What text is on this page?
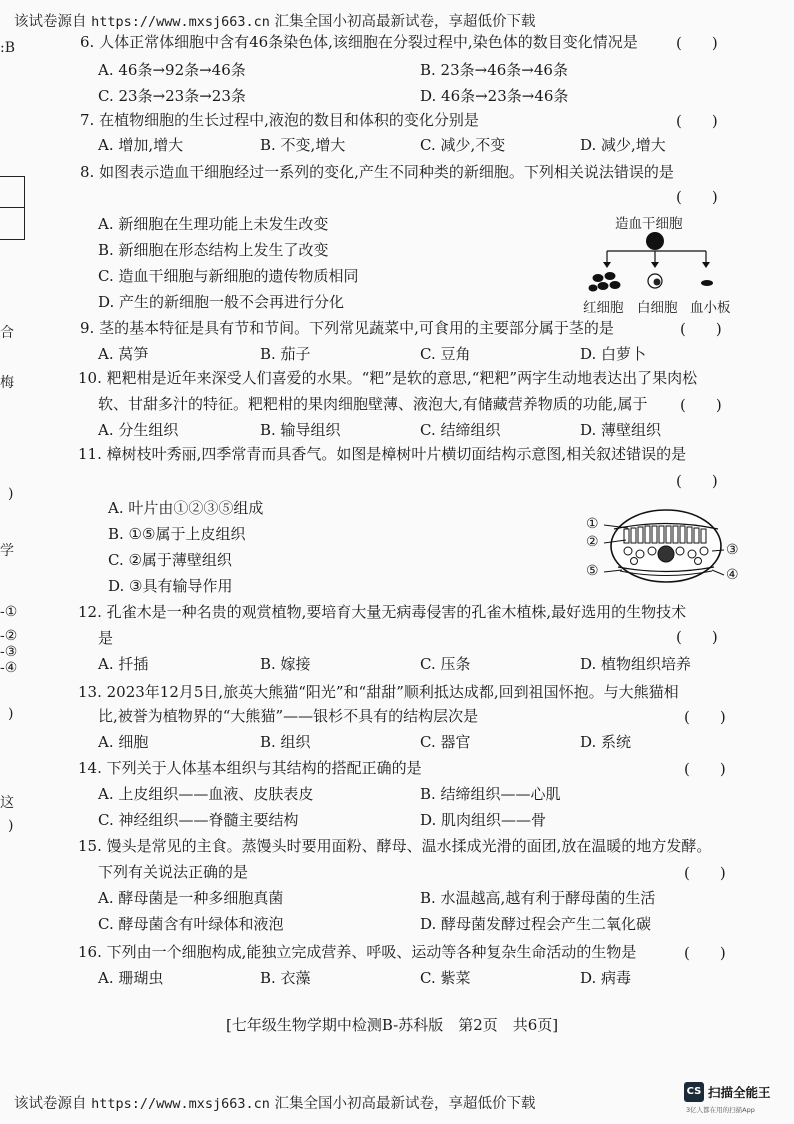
该试卷源自 https://www.mxsj663.cn 汇集全国小初高最新试卷，享超低价下载
:B
合
梅
)
学
-①
-②
-③
-④
)
这
)
6. 人体正常体细胞中含有46条染色体,该细胞在分裂过程中,染色体的数目变化情况是	(　　)
A. 46条→92条→46条	B. 23条→46条→46条
C. 23条→23条→23条	D. 46条→23条→46条
7. 在植物细胞的生长过程中,液泡的数目和体积的变化分别是	(　　)
A. 增加,增大	B. 不变,增大	C. 减少,不变	D. 减少,增大
8. 如图表示造血干细胞经过一系列的变化,产生不同种类的新细胞。下列相关说法错误的是
(　　)
A. 新细胞在生理功能上未发生改变
B. 新细胞在形态结构上发生了改变
C. 造血干细胞与新细胞的遗传物质相同
D. 产生的新细胞一般不会再进行分化
造血干细胞
红细胞 白细胞 血小板
9. 茎的基本特征是具有节和节间。下列常见蔬菜中,可食用的主要部分属于茎的是	(　　)
A. 莴笋	B. 茄子	C. 豆角	D. 白萝卜
10. 粑粑柑是近年来深受人们喜爱的水果。“粑”是软的意思,“粑粑”两字生动地表达出了果肉松
软、甘甜多汁的特征。粑粑柑的果肉细胞壁薄、液泡大,有储藏营养物质的功能,属于 (　　)
A. 分生组织	B. 输导组织	C. 结缔组织	D. 薄壁组织
11. 樟树枝叶秀丽,四季常青而具香气。如图是樟树叶片横切面结构示意图,相关叙述错误的是
(　　)
A. 叶片由①②③⑤组成
B. ①⑤属于上皮组织
C. ②属于薄壁组织
D. ③具有输导作用
①
②	③
④
⑤
12. 孔雀木是一种名贵的观赏植物,要培育大量无病毒侵害的孔雀木植株,最好选用的生物技术
是	(　　)
A. 扦插	B. 嫁接	C. 压条	D. 植物组织培养
13. 2023年12月5日,旅英大熊猫“阳光”和“甜甜”顺利抵达成都,回到祖国怀抱。与大熊猫相
比,被誉为植物界的“大熊猫”——银杉不具有的结构层次是	(　　)
A. 细胞	B. 组织	C. 器官	D. 系统
14. 下列关于人体基本组织与其结构的搭配正确的是	(　　)
A. 上皮组织——血液、皮肤表皮	B. 结缔组织——心肌
C. 神经组织——脊髓主要结构	D. 肌肉组织——骨
15. 馒头是常见的主食。蒸馒头时要用面粉、酵母、温水揉成光滑的面团,放在温暖的地方发酵。
下列有关说法正确的是	(　　)
A. 酵母菌是一种多细胞真菌	B. 水温越高,越有利于酵母菌的生活
C. 酵母菌含有叶绿体和液泡	D. 酵母菌发酵过程会产生二氧化碳
16. 下列由一个细胞构成,能独立完成营养、呼吸、运动等各种复杂生命活动的生物是	(　　)
A. 珊瑚虫	B. 衣藻	C. 紫菜	D. 病毒
[七年级生物学期中检测B-苏科版　第2页　共6页]
该试卷源自 https://www.mxsj663.cn 汇集全国小初高最新试卷，享超低价下载
CS 扫描全能王
3亿人都在用的扫描App
